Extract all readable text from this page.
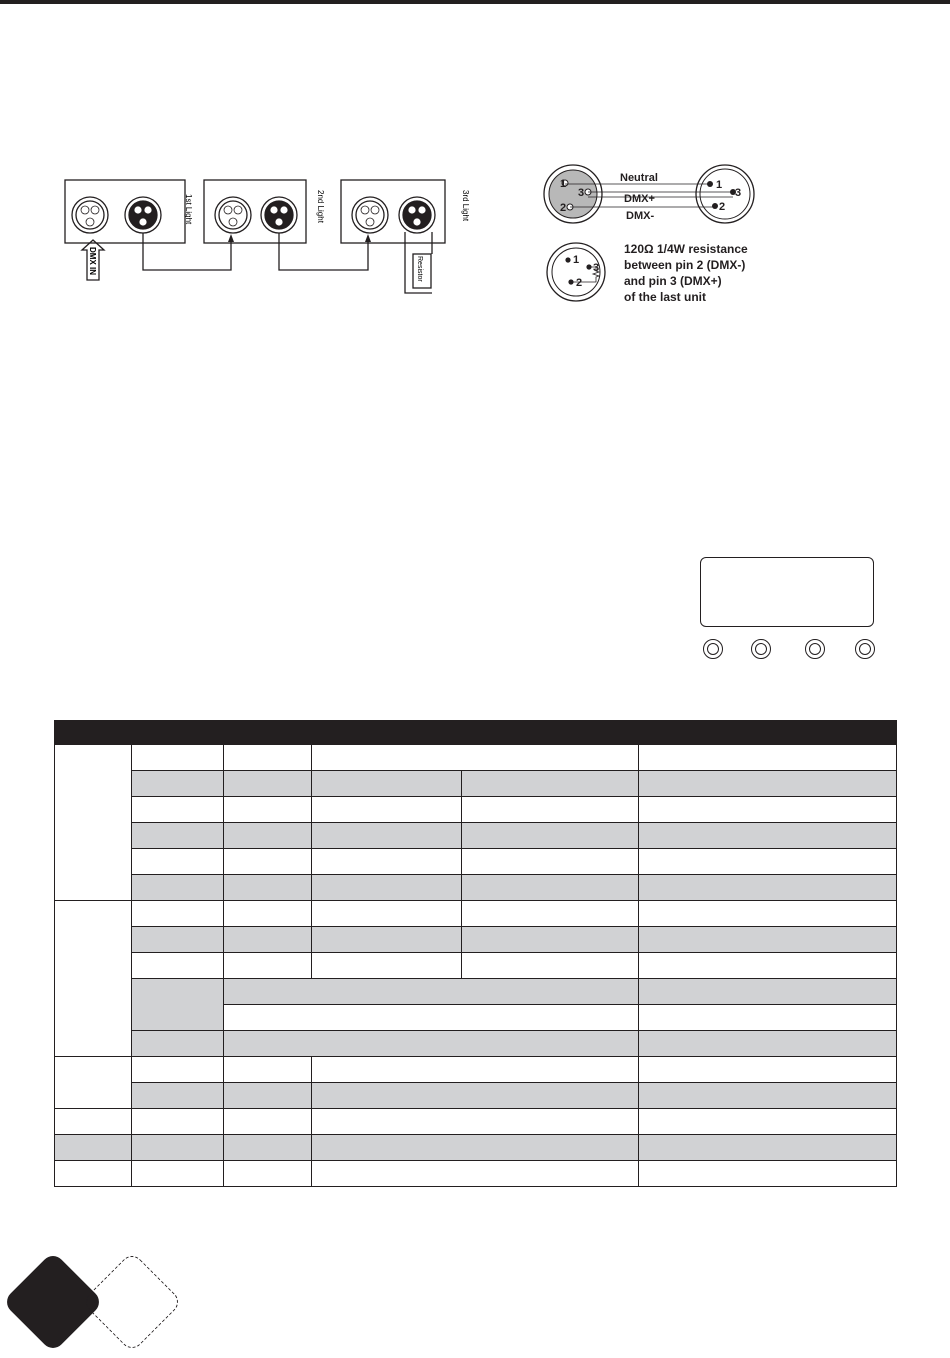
1st Light	2nd Light	3rd Light
DMX IN	Resistor
1
2
3
1
2
3
Neutral
DMX+
DMX-
1
2
3
120Ω 1/4W resistance
between pin 2 (DMX-)
and pin 3 (DMX+)
of the last unit
